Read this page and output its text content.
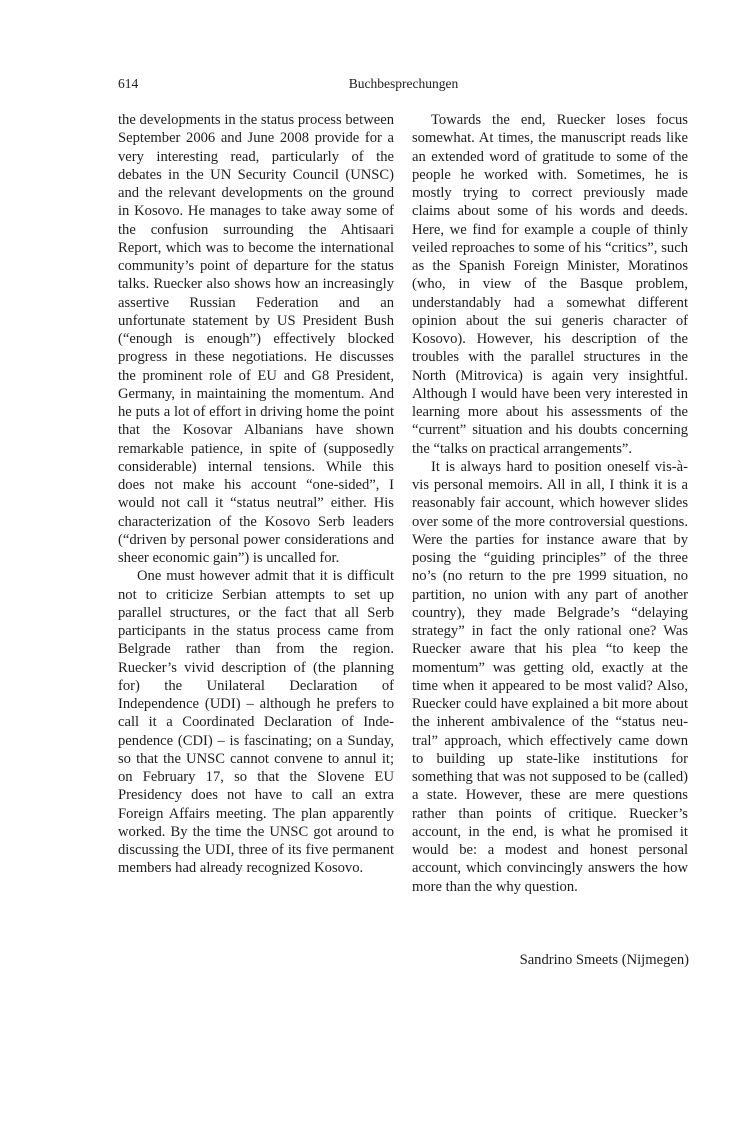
614	Buchbesprechungen

the developments in the status process between September 2006 and June 2008 provide for a very interesting read, particularly of the debates in the UN Security Council (UNSC) and the relevant developments on the ground in Kosovo. He manages to take away some of the confusion surrounding the Ahtisaari Report, which was to become the international community’s point of departure for the status talks. Ruecker also shows how an increasingly assertive Russian Federation and an unfortunate statement by US President Bush (“enough is enough”) effectively blocked progress in these negotiations. He discusses the prominent role of EU and G8 President, Germany, in maintaining the momentum. And he puts a lot of effort in driving home the point that the Kosovar Albanians have shown remarkable patience, in spite of (supposedly considerable) internal tensions. While this does not make his account “one-sided”, I would not call it “status neutral” either. His characterization of the Kosovo Serb leaders (“driven by personal power considerations and sheer economic gain”) is uncalled for.

One must however admit that it is difficult not to criticize Serbian attempts to set up parallel structures, or the fact that all Serb participants in the status process came from Belgrade rather than from the region. Ruecker’s vivid description of (the planning for) the Unilateral Declaration of Independence (UDI) – although he prefers to call it a Coordinated Declaration of Independence (CDI) – is fascinating; on a Sunday, so that the UNSC cannot convene to annul it; on February 17, so that the Slovene EU Presidency does not have to call an extra Foreign Affairs meeting. The plan apparently worked. By the time the UNSC got around to discussing the UDI, three of its five permanent members had already recognized Kosovo.

Towards the end, Ruecker loses focus somewhat. At times, the manuscript reads like an extended word of gratitude to some of the people he worked with. Sometimes, he is mostly trying to correct previously made claims about some of his words and deeds. Here, we find for example a couple of thinly veiled reproaches to some of his “critics”, such as the Spanish Foreign Minister, Moratinos (who, in view of the Basque problem, understandably had a somewhat different opinion about the sui generis character of Kosovo). However, his description of the troubles with the parallel structures in the North (Mitrovica) is again very insightful. Although I would have been very interested in learning more about his assessments of the “current” situation and his doubts concerning the “talks on practical arrangements”.

It is always hard to position oneself vis-à-vis personal memoirs. All in all, I think it is a reasonably fair account, which however slides over some of the more controversial questions. Were the parties for instance aware that by posing the “guiding principles” of the three no’s (no return to the pre 1999 situation, no partition, no union with any part of another country), they made Belgrade’s “delaying strategy” in fact the only rational one? Was Ruecker aware that his plea “to keep the momentum” was getting old, exactly at the time when it appeared to be most valid? Also, Ruecker could have explained a bit more about the inherent ambivalence of the “status neutral” approach, which effectively came down to building up state-like institutions for something that was not supposed to be (called) a state. However, these are mere questions rather than points of critique. Ruecker’s account, in the end, is what he promised it would be: a modest and honest personal account, which convincingly answers the how more than the why question.

Sandrino Smeets (Nijmegen)
